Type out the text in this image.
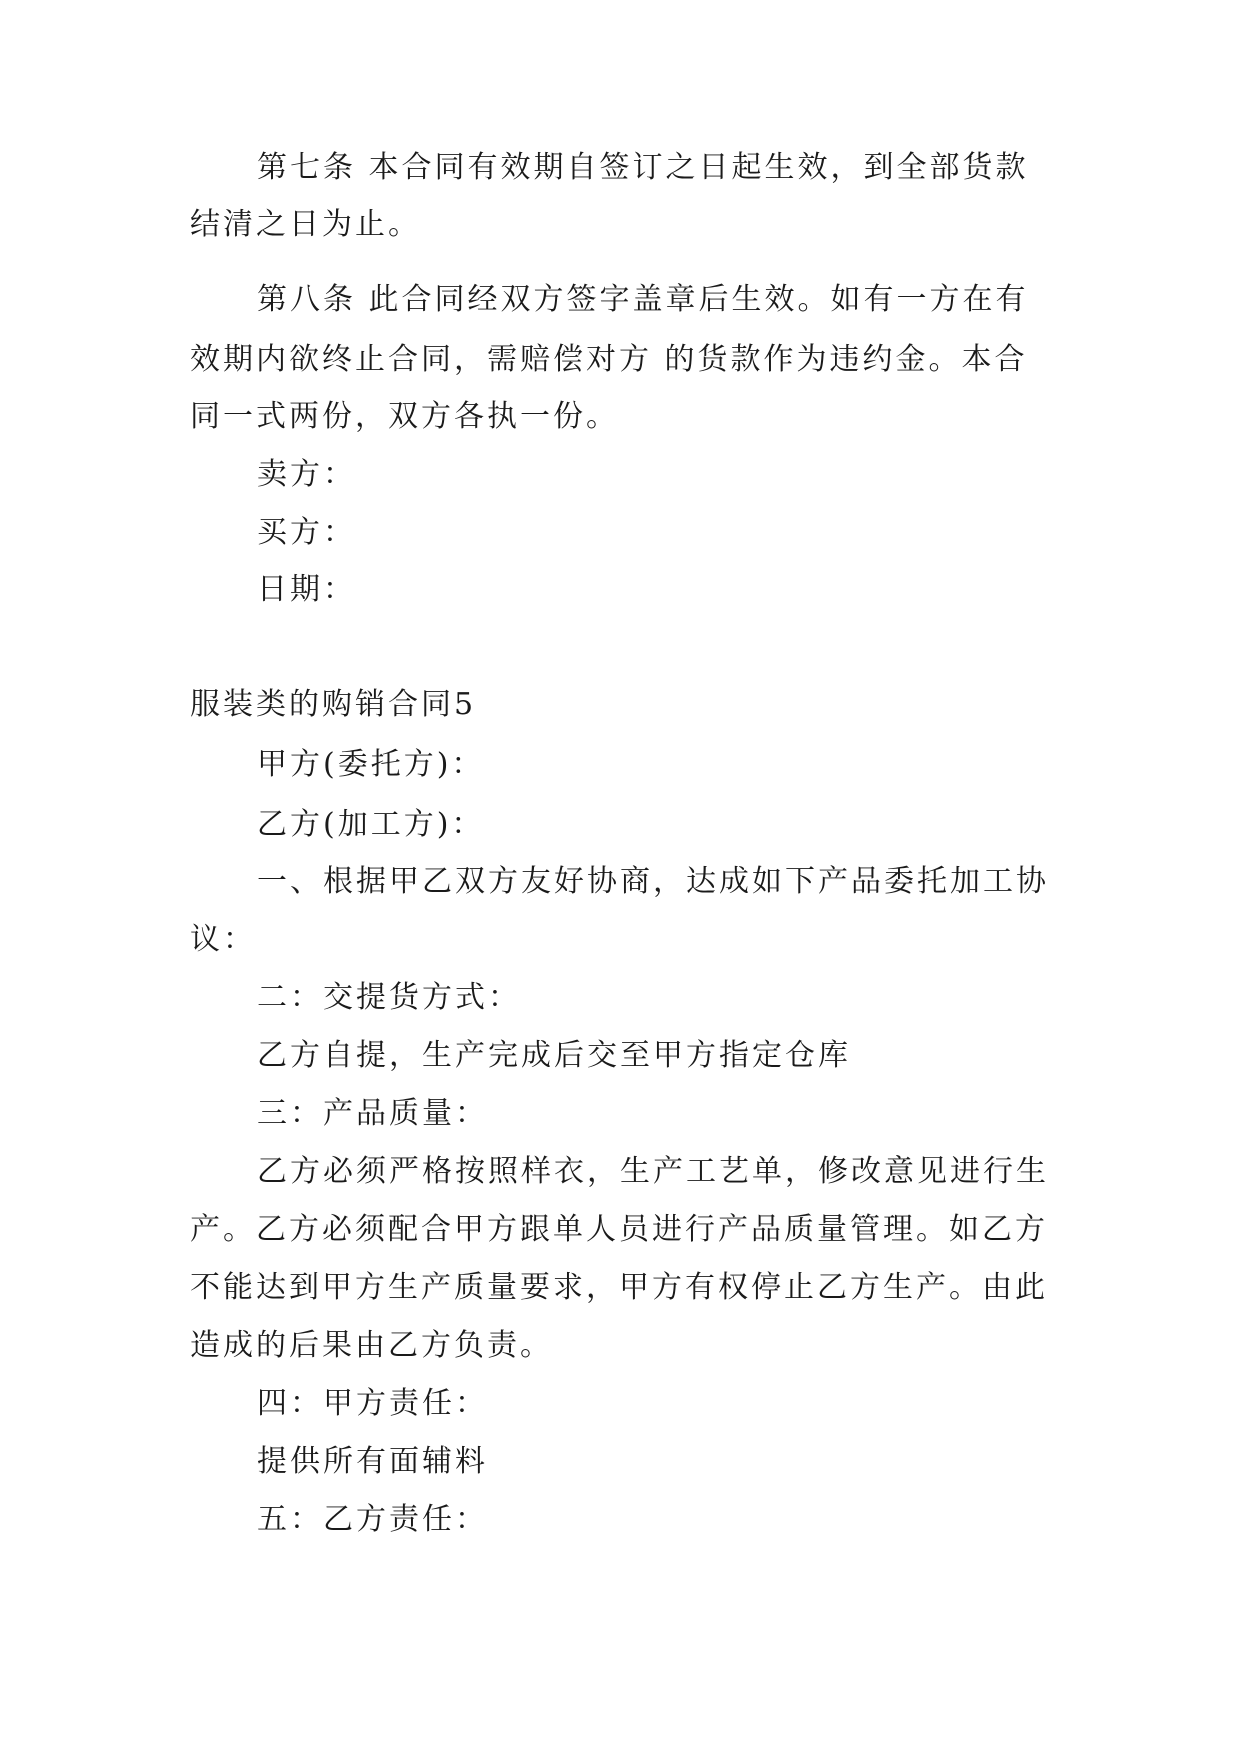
第七条 本合同有效期自签订之日起生效，到全部货款
结清之日为止。
第八条 此合同经双方签字盖章后生效。如有一方在有
效期内欲终止合同，需赔偿对方 的货款作为违约金。本合
同一式两份，双方各执一份。
卖方：
买方：
日期：
服装类的购销合同5
甲方(委托方)：
乙方(加工方)：
一、根据甲乙双方友好协商，达成如下产品委托加工协
议：
二：交提货方式：
乙方自提，生产完成后交至甲方指定仓库
三：产品质量：
乙方必须严格按照样衣，生产工艺单，修改意见进行生
产。乙方必须配合甲方跟单人员进行产品质量管理。如乙方
不能达到甲方生产质量要求，甲方有权停止乙方生产。由此
造成的后果由乙方负责。
四：甲方责任：
提供所有面辅料
五：乙方责任：
